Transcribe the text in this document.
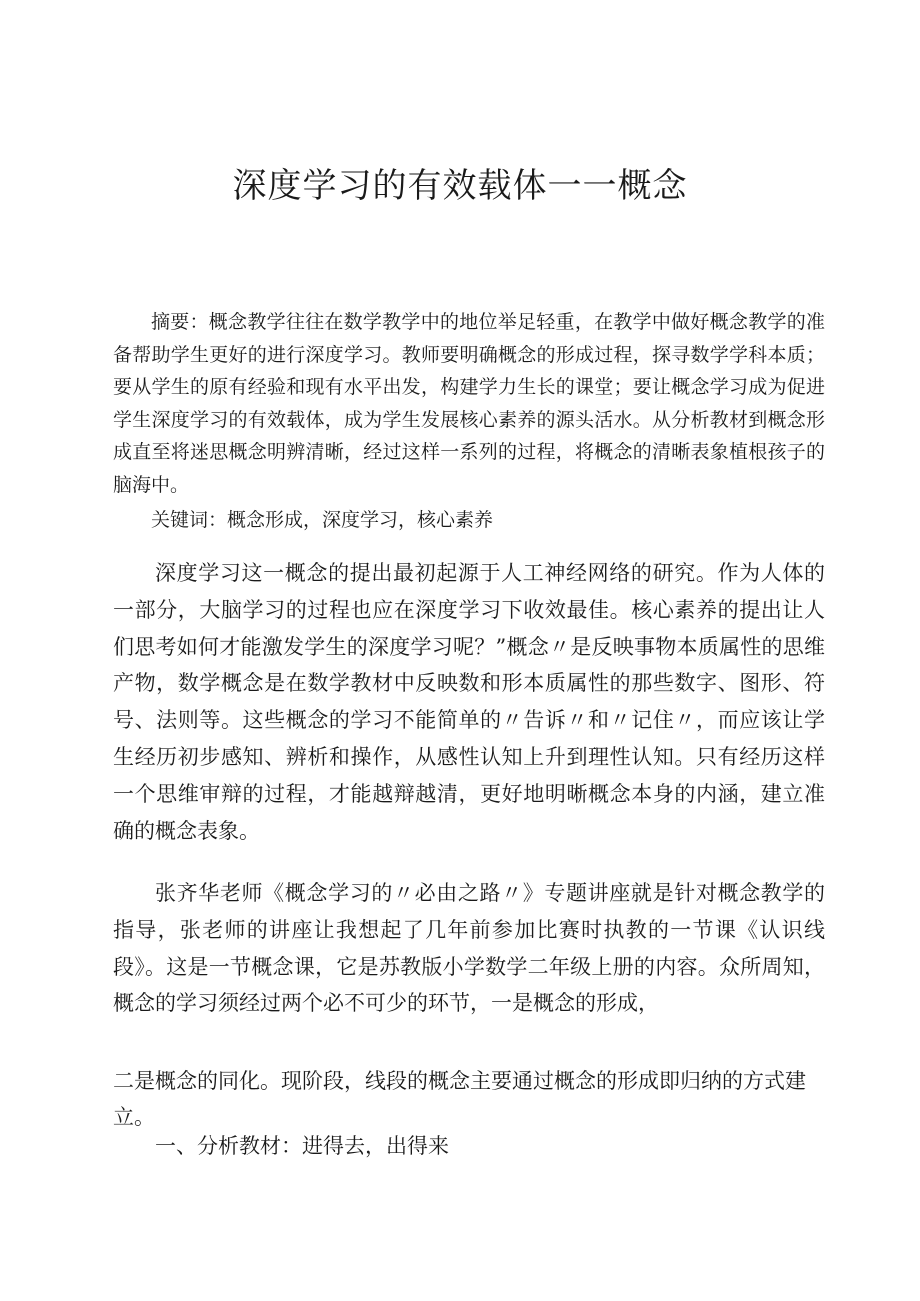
深度学习的有效载体一一概念

摘要：概念教学往往在数学教学中的地位举足轻重，在教学中做好概念教学的准备帮助学生更好的进行深度学习。教师要明确概念的形成过程，探寻数学学科本质；要从学生的原有经验和现有水平出发，构建学力生长的课堂；要让概念学习成为促进学生深度学习的有效载体，成为学生发展核心素养的源头活水。从分析教材到概念形成直至将迷思概念明辨清晰，经过这样一系列的过程，将概念的清晰表象植根孩子的脑海中。

关键词：概念形成，深度学习，核心素养

深度学习这一概念的提出最初起源于人工神经网络的研究。作为人体的一部分，大脑学习的过程也应在深度学习下收效最佳。核心素养的提出让人们思考如何才能激发学生的深度学习呢？”概念〃是反映事物本质属性的思维产物，数学概念是在数学教材中反映数和形本质属性的那些数字、图形、符号、法则等。这些概念的学习不能简单的〃告诉〃和〃记住〃，而应该让学生经历初步感知、辨析和操作，从感性认知上升到理性认知。只有经历这样一个思维审辩的过程，才能越辩越清，更好地明晰概念本身的内涵，建立准确的概念表象。

张齐华老师《概念学习的〃必由之路〃》专题讲座就是针对概念教学的指导，张老师的讲座让我想起了几年前参加比赛时执教的一节课《认识线段》。这是一节概念课，它是苏教版小学数学二年级上册的内容。众所周知，概念的学习须经过两个必不可少的环节，一是概念的形成，

二是概念的同化。现阶段，线段的概念主要通过概念的形成即归纳的方式建立。

一、分析教材：进得去，出得来
